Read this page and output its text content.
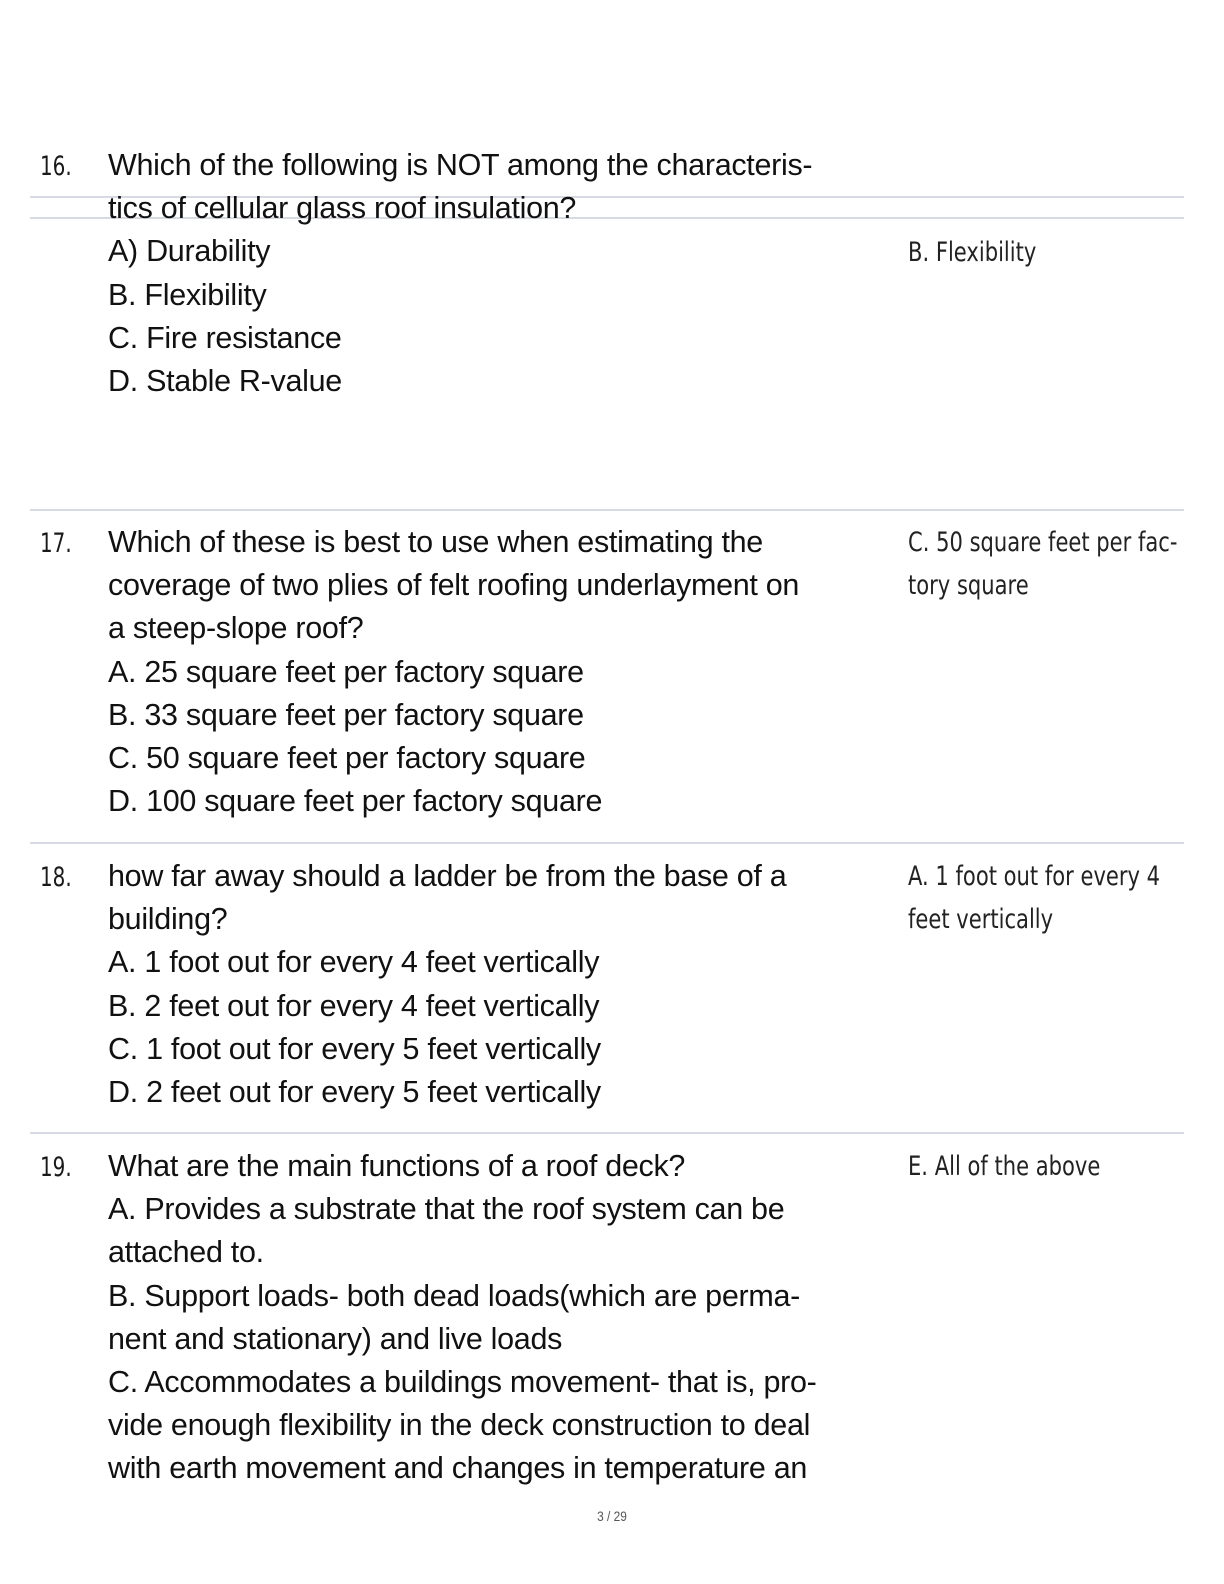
16. Which of the following is NOT among the characteris-
tics of cellular glass roof insulation?
A) Durability
B. Flexibility
C. Fire resistance
D. Stable R-value
B. Flexibility
17. Which of these is best to use when estimating the
coverage of two plies of felt roofing underlayment on
a steep-slope roof?
A. 25 square feet per factory square
B. 33 square feet per factory square
C. 50 square feet per factory square
D. 100 square feet per factory square
C. 50 square feet per fac-
tory square
18. how far away should a ladder be from the base of a
building?
A. 1 foot out for every 4 feet vertically
B. 2 feet out for every 4 feet vertically
C. 1 foot out for every 5 feet vertically
D. 2 feet out for every 5 feet vertically
A. 1 foot out for every 4
feet vertically
19. What are the main functions of a roof deck?
A. Provides a substrate that the roof system can be
attached to.
B. Support loads- both dead loads(which are perma-
nent and stationary) and live loads
C. Accommodates a buildings movement- that is, pro-
vide enough flexibility in the deck construction to deal
with earth movement and changes in temperature an
E. All of the above
3 / 29
